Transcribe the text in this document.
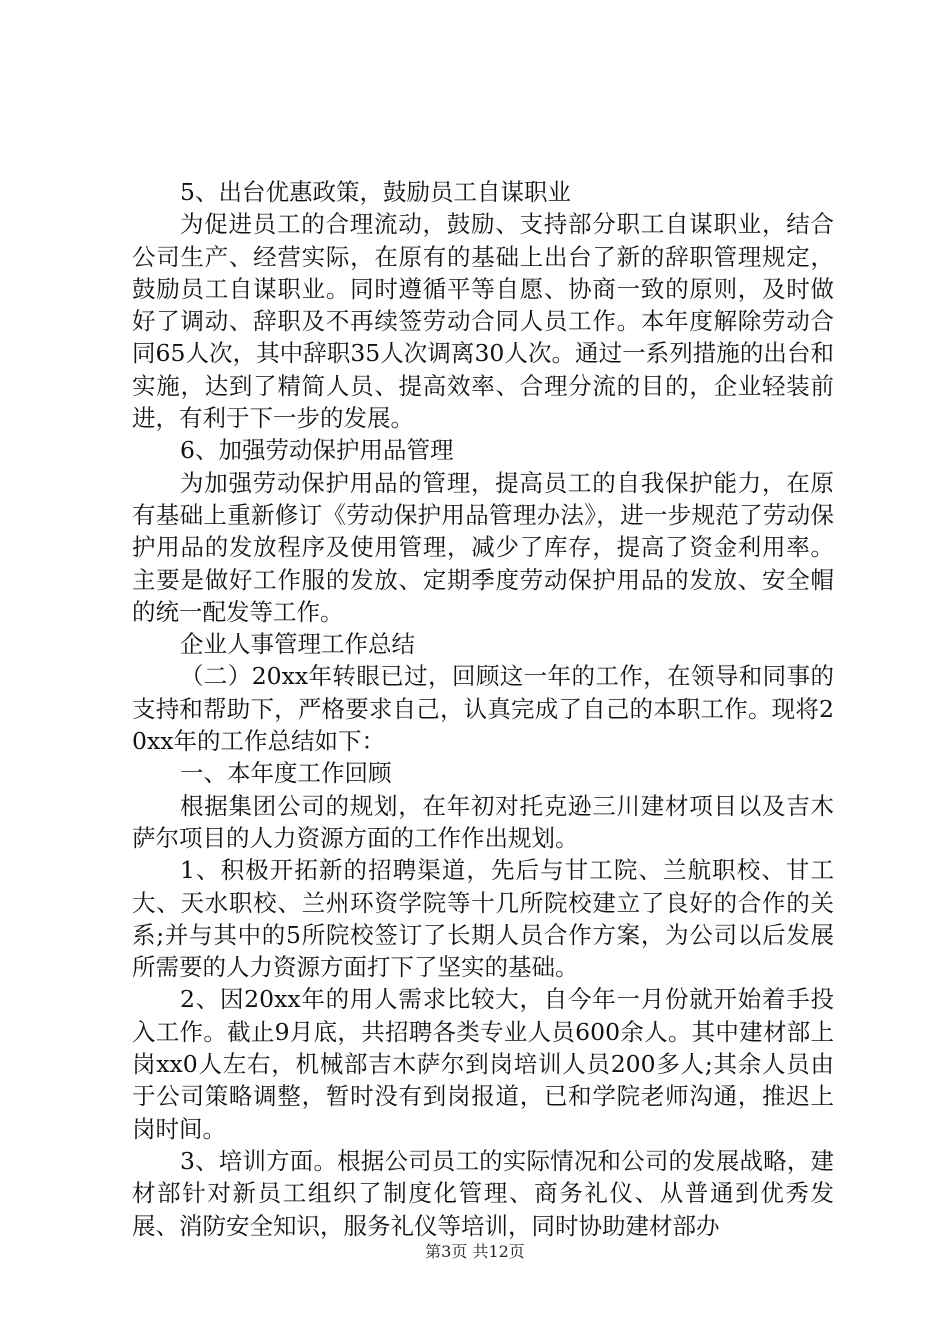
5、出台优惠政策，鼓励员工自谋职业

为促进员工的合理流动，鼓励、支持部分职工自谋职业，结合公司生产、经营实际，在原有的基础上出台了新的辞职管理规定，鼓励员工自谋职业。同时遵循平等自愿、协商一致的原则，及时做好了调动、辞职及不再续签劳动合同人员工作。本年度解除劳动合同65人次，其中辞职35人次调离30人次。通过一系列措施的出台和实施，达到了精简人员、提高效率、合理分流的目的，企业轻装前进，有利于下一步的发展。

6、加强劳动保护用品管理

为加强劳动保护用品的管理，提高员工的自我保护能力，在原有基础上重新修订《劳动保护用品管理办法》，进一步规范了劳动保护用品的发放程序及使用管理，减少了库存，提高了资金利用率。主要是做好工作服的发放、定期季度劳动保护用品的发放、安全帽的统一配发等工作。

企业人事管理工作总结

（二）20xx年转眼已过，回顾这一年的工作，在领导和同事的支持和帮助下，严格要求自己，认真完成了自己的本职工作。现将20xx年的工作总结如下：

一、本年度工作回顾

根据集团公司的规划，在年初对托克逊三川建材项目以及吉木萨尔项目的人力资源方面的工作作出规划。

1、积极开拓新的招聘渠道，先后与甘工院、兰航职校、甘工大、天水职校、兰州环资学院等十几所院校建立了良好的合作的关系;并与其中的5所院校签订了长期人员合作方案，为公司以后发展所需要的人力资源方面打下了坚实的基础。

2、因20xx年的用人需求比较大，自今年一月份就开始着手投入工作。截止9月底，共招聘各类专业人员600余人。其中建材部上岗xx0人左右，机械部吉木萨尔到岗培训人员200多人;其余人员由于公司策略调整，暂时没有到岗报道，已和学院老师沟通，推迟上岗时间。

3、培训方面。根据公司员工的实际情况和公司的发展战略，建材部针对新员工组织了制度化管理、商务礼仪、从普通到优秀发展、消防安全知识，服务礼仪等培训，同时协助建材部办

第3页 共12页
